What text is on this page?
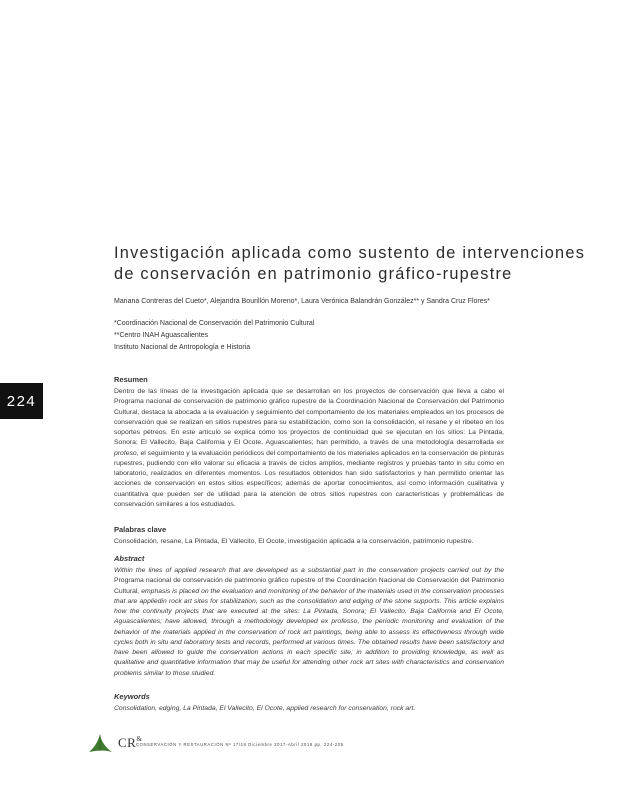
224
Investigación aplicada como sustento de intervenciones
de conservación en patrimonio gráfico-rupestre
Mariana Contreras del Cueto*, Alejandra Bourillón Moreno*, Laura Verónica Balandrán González** y Sandra Cruz Flores*
*Coordinación Nacional de Conservación del Patrimonio Cultural
**Centro INAH Aguascalientes
Instituto Nacional de Antropología e Historia
Resumen

Dentro de las líneas de la investigación aplicada que se desarrollan en los proyectos de conservación que lleva a cabo el Programa nacional de conservación de patrimonio gráfico rupestre de la Coordinación Nacional de Conservación del Patrimonio Cultural, destaca la abocada a la evaluación y seguimiento del comportamiento de los materiales empleados en los procesos de conservación que se realizan en sitios rupestres para su estabilización, como son la consolidación, el resane y el ribeteo en los soportes pétreos. En este artículo se explica cómo los proyectos de continuidad que se ejecutan en los sitios: La Pintada, Sonora; El Vallecito, Baja California y El Ocote, Aguascalientes; han permitido, a través de una metodología desarrollada ex profeso, el seguimiento y la evaluación periódicos del comportamiento de los materiales aplicados en la conservación de pinturas rupestres, pudiendo con ello valorar su eficacia a través de ciclos amplios, mediante registros y pruebas tanto in situ como en laboratorio, realizados en diferentes momentos. Los resultados obtenidos han sido satisfactorios y han permitido orientar las acciones de conservación en estos sitios específicos; además de aportar conocimientos, así como información cualitativa y cuantitativa que pueden ser de utilidad para la atención de otros sitios rupestres con características y problemáticas de conservación similares a los estudiados.

Palabras clave

Consolidación, resane, La Pintada, El Vallecito, El Ocote, investigación aplicada a la conservación, patrimonio rupestre.

Abstract

Within the lines of applied research that are developed as a substantial part in the conservation projects carried out by the Programa nacional de conservación de patrimonio gráfico rupestre of the Coordinación Nacional de Conservación del Patrimonio Cultural, emphasis is placed on the evaluation and monitoring of the behavior of the materials used in the conservation processes that are appliedin rock art sites for stabilization, such as the consolidation and edging of the stone supports. This article explains how the continuity projects that are executed at the sites: La Pintada, Sonora; El Vallecito, Baja California and El Ocote, Aguascalientes; have allowed, through a methodology developed ex professo, the periodic monitoring and evaluation of the behavior of the materials applied in the conservation of rock art paintings, being able to assess its effectiveness through wide cycles both in situ and laboratory tests and records, performed at various times. The obtained results have been satisfactory and have been allowed to guide the conservation actions in each specific site; in addition to providing knowledge, as well as qualitative and quantitative information that may be useful for attending other rock art sites with characteristics and conservation problems similar to those studied.

Keywords

Consolidation, edging, La Pintada, El Vallecito, El Ocote, applied research for conservation, rock art.

CR&
CONSERVACIÓN Y RESTAURACIÓN Nº 17/18 Diciembre 2017-Abril 2018 pp. 224-235
